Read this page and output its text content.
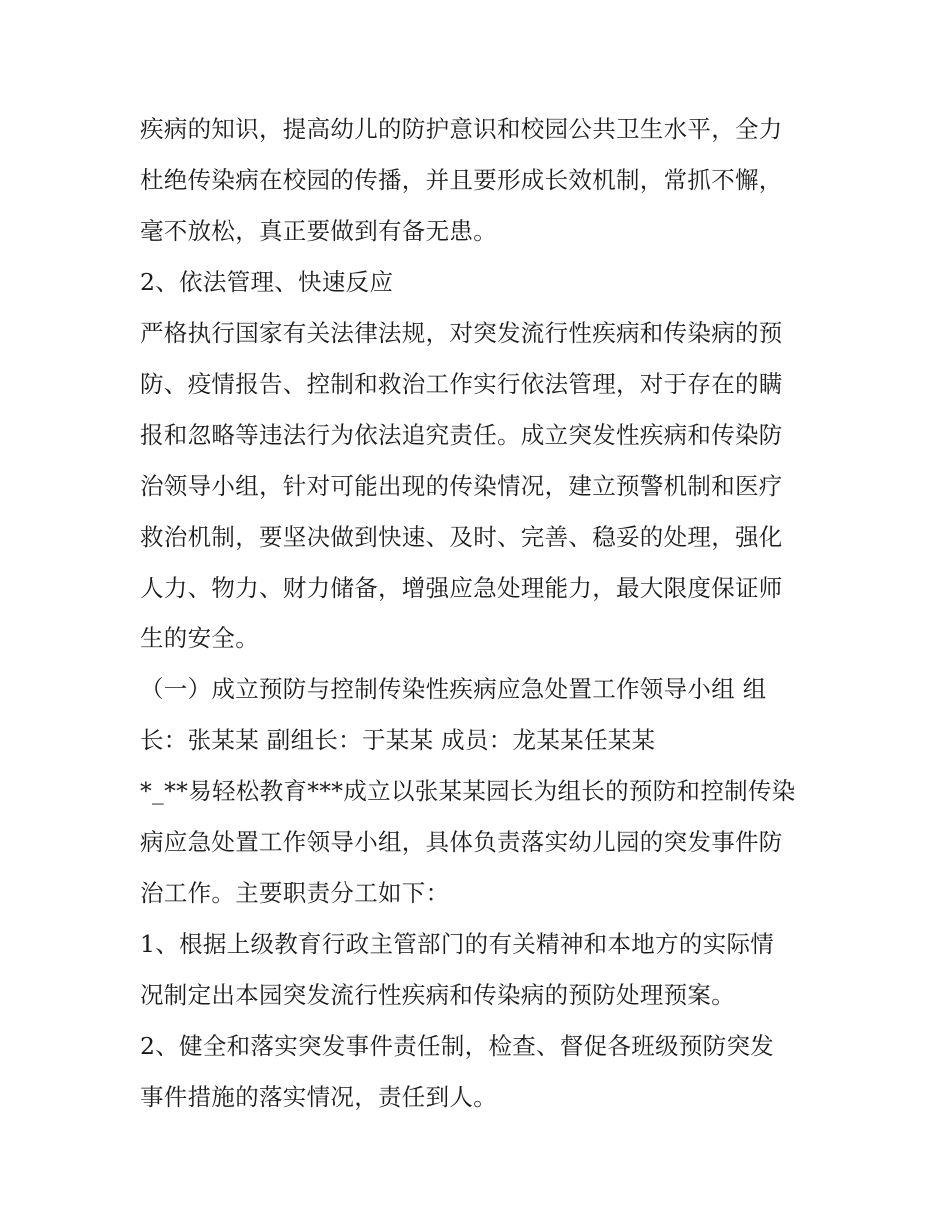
疾病的知识，提高幼儿的防护意识和校园公共卫生水平，全力
杜绝传染病在校园的传播，并且要形成长效机制，常抓不懈，
毫不放松，真正要做到有备无患。
2、依法管理、快速反应
严格执行国家有关法律法规，对突发流行性疾病和传染病的预
防、疫情报告、控制和救治工作实行依法管理，对于存在的瞒
报和忽略等违法行为依法追究责任。成立突发性疾病和传染防
治领导小组，针对可能出现的传染情况，建立预警机制和医疗
救治机制，要坚决做到快速、及时、完善、稳妥的处理，强化
人力、物力、财力储备，增强应急处理能力，最大限度保证师
生的安全。
（一）成立预防与控制传染性疾病应急处置工作领导小组 组
长：张某某 副组长：于某某 成员：龙某某任某某
*_**易轻松教育***成立以张某某园长为组长的预防和控制传染
病应急处置工作领导小组，具体负责落实幼儿园的突发事件防
治工作。主要职责分工如下：
1、根据上级教育行政主管部门的有关精神和本地方的实际情
况制定出本园突发流行性疾病和传染病的预防处理预案。
2、健全和落实突发事件责任制，检查、督促各班级预防突发
事件措施的落实情况，责任到人。
